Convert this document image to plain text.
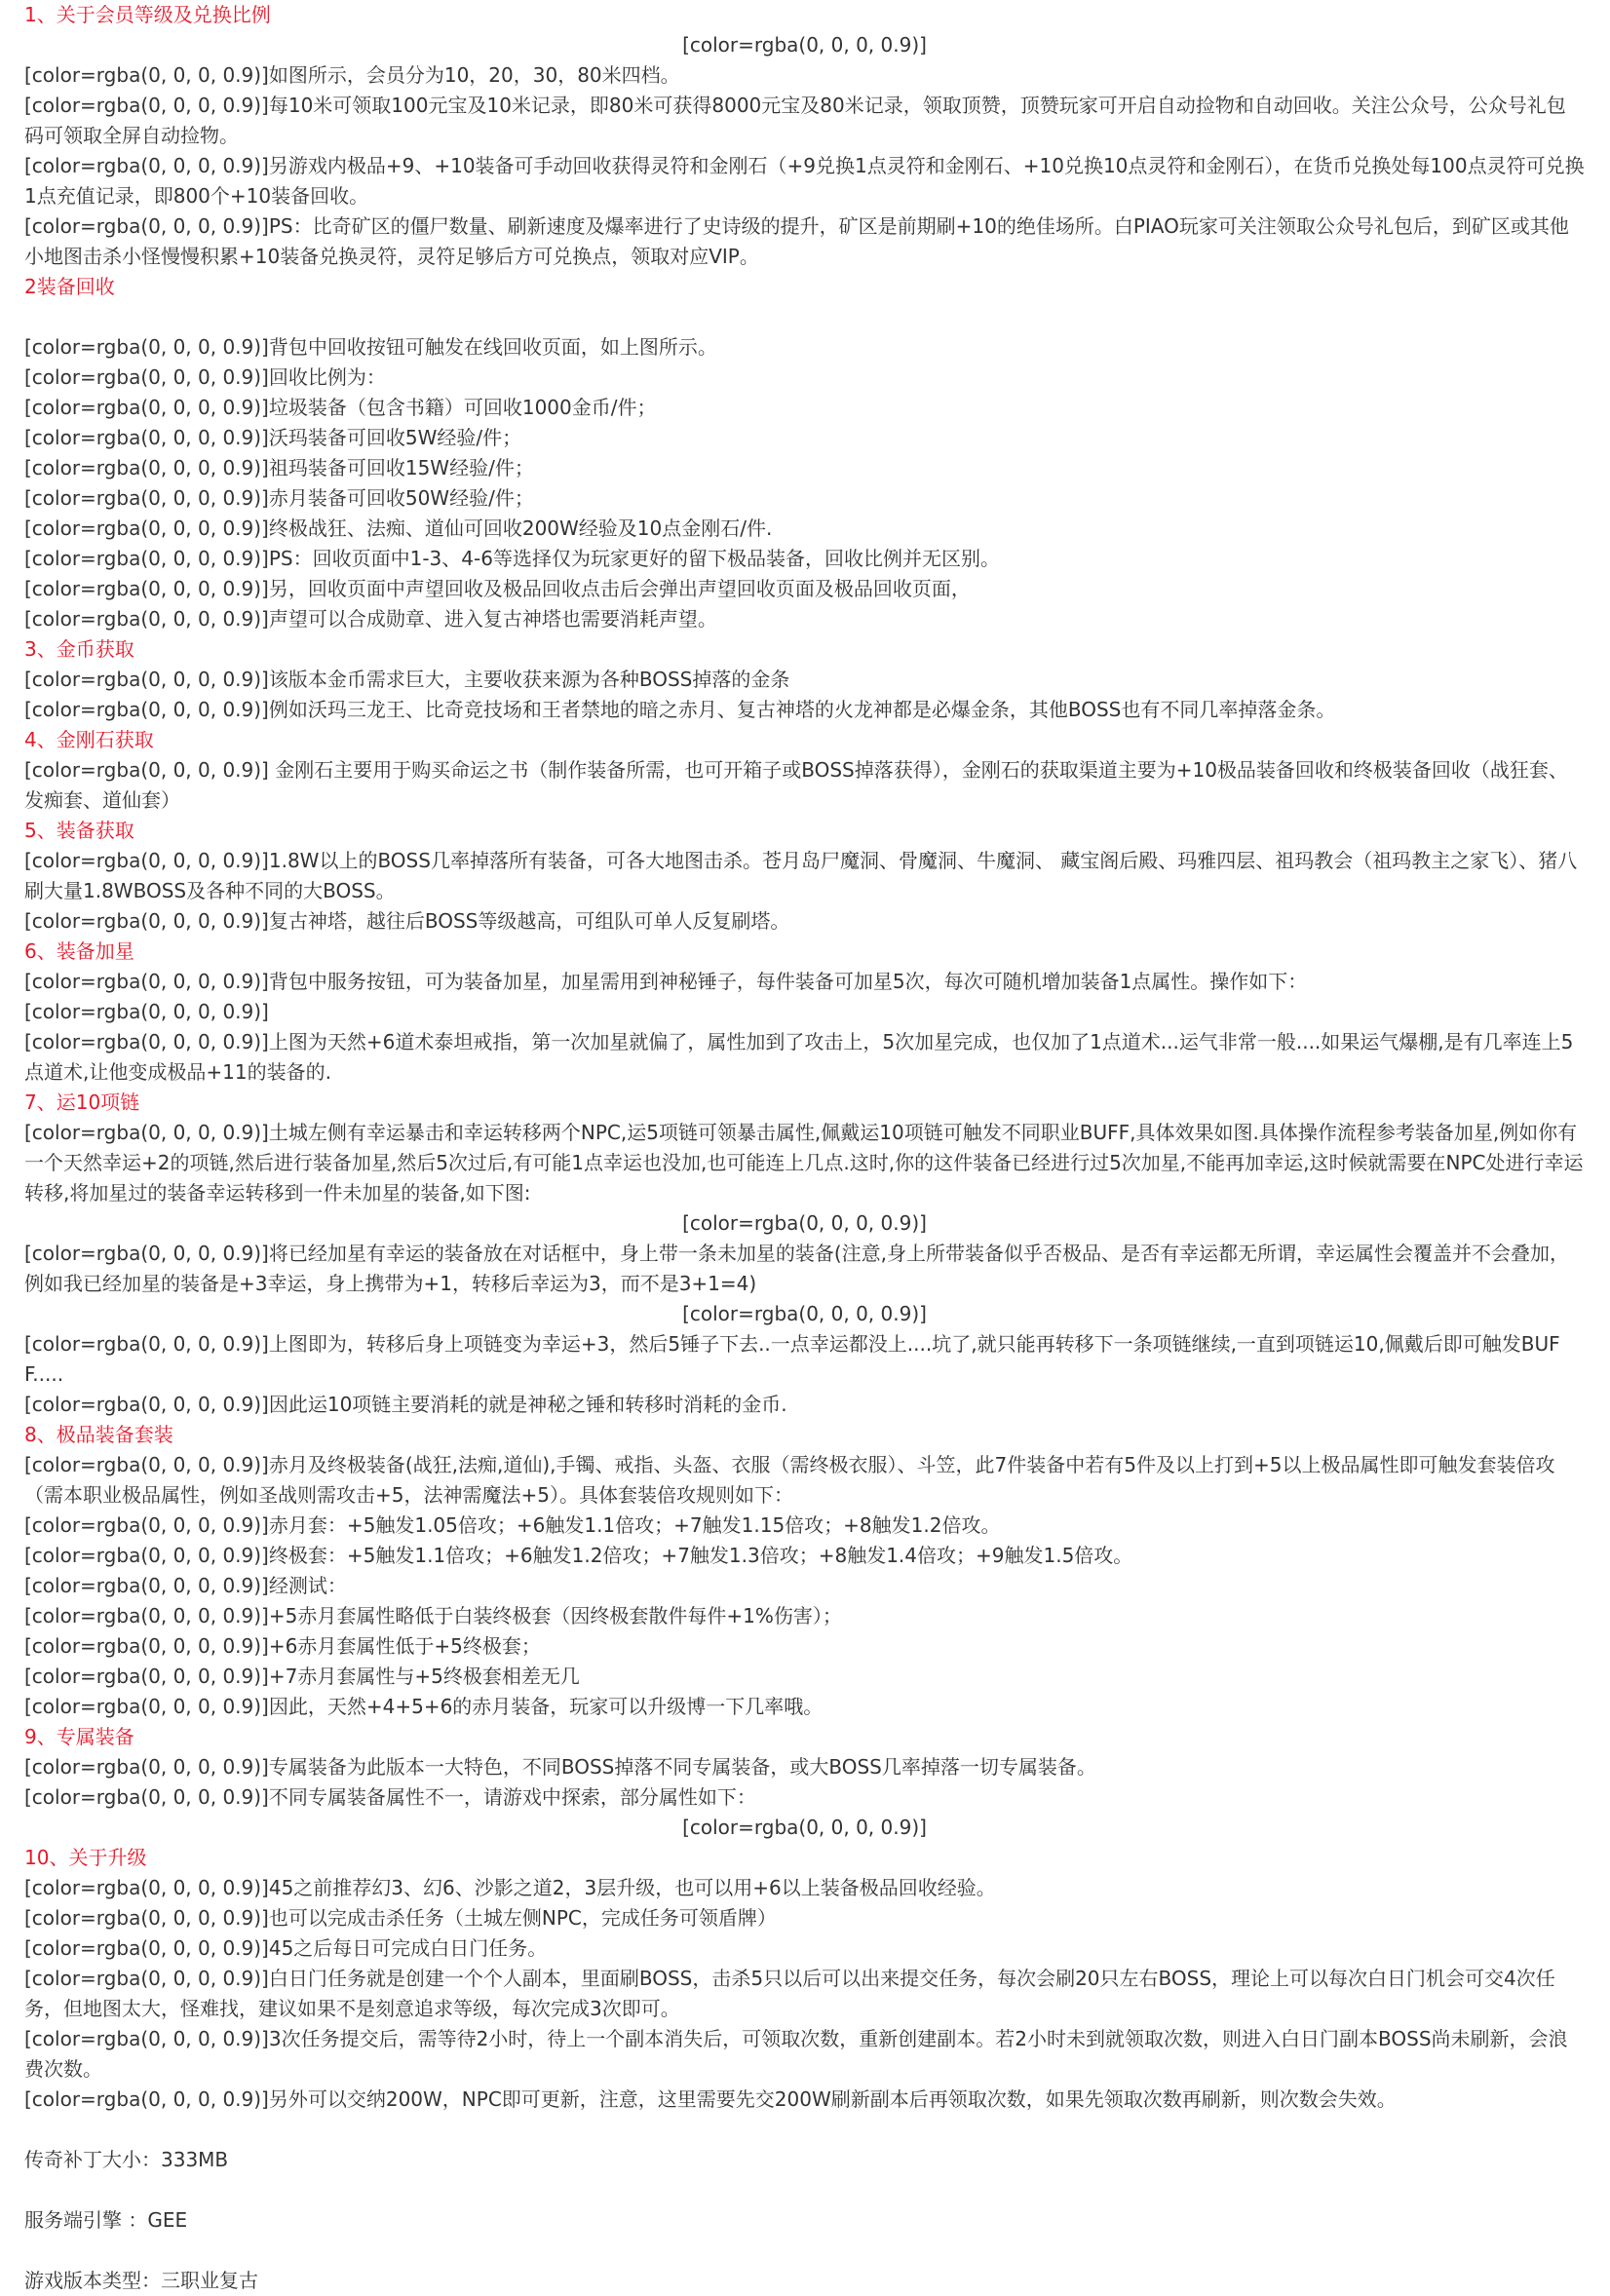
1、关于会员等级及兑换比例
[color=rgba(0, 0, 0, 0.9)]
[color=rgba(0, 0, 0, 0.9)]如图所示，会员分为10，20，30，80米四档。
[color=rgba(0, 0, 0, 0.9)]每10米可领取100元宝及10米记录，即80米可获得8000元宝及80米记录，领取顶赞，顶赞玩家可开启自动捡物和自动回收。关注公众号，公众号礼包码可领取全屏自动捡物。
[color=rgba(0, 0, 0, 0.9)]另游戏内极品+9、+10装备可手动回收获得灵符和金刚石（+9兑换1点灵符和金刚石、+10兑换10点灵符和金刚石），在货币兑换处每100点灵符可兑换1点充值记录，即800个+10装备回收。
[color=rgba(0, 0, 0, 0.9)]PS：比奇矿区的僵尸数量、刷新速度及爆率进行了史诗级的提升，矿区是前期刷+10的绝佳场所。白PIAO玩家可关注领取公众号礼包后，到矿区或其他小地图击杀小怪慢慢积累+10装备兑换灵符，灵符足够后方可兑换点，领取对应VIP。
2装备回收
[color=rgba(0, 0, 0, 0.9)]背包中回收按钮可触发在线回收页面，如上图所示。
[color=rgba(0, 0, 0, 0.9)]回收比例为：
[color=rgba(0, 0, 0, 0.9)]垃圾装备（包含书籍）可回收1000金币/件；
[color=rgba(0, 0, 0, 0.9)]沃玛装备可回收5W经验/件；
[color=rgba(0, 0, 0, 0.9)]祖玛装备可回收15W经验/件；
[color=rgba(0, 0, 0, 0.9)]赤月装备可回收50W经验/件；
[color=rgba(0, 0, 0, 0.9)]终极战狂、法痴、道仙可回收200W经验及10点金刚石/件.
[color=rgba(0, 0, 0, 0.9)]PS：回收页面中1-3、4-6等选择仅为玩家更好的留下极品装备，回收比例并无区别。
[color=rgba(0, 0, 0, 0.9)]另，回收页面中声望回收及极品回收点击后会弹出声望回收页面及极品回收页面，
[color=rgba(0, 0, 0, 0.9)]声望可以合成勋章、进入复古神塔也需要消耗声望。
3、金币获取
[color=rgba(0, 0, 0, 0.9)]该版本金币需求巨大，主要收获来源为各种BOSS掉落的金条
[color=rgba(0, 0, 0, 0.9)]例如沃玛三龙王、比奇竞技场和王者禁地的暗之赤月、复古神塔的火龙神都是必爆金条，其他BOSS也有不同几率掉落金条。
4、金刚石获取
[color=rgba(0, 0, 0, 0.9)] 金刚石主要用于购买命运之书（制作装备所需，也可开箱子或BOSS掉落获得），金刚石的获取渠道主要为+10极品装备回收和终极装备回收（战狂套、发痴套、道仙套）
5、装备获取
[color=rgba(0, 0, 0, 0.9)]1.8W以上的BOSS几率掉落所有装备，可各大地图击杀。苍月岛尸魔洞、骨魔洞、牛魔洞、 藏宝阁后殿、玛雅四层、祖玛教会（祖玛教主之家飞）、猪八刷大量1.8WBOSS及各种不同的大BOSS。
[color=rgba(0, 0, 0, 0.9)]复古神塔，越往后BOSS等级越高，可组队可单人反复刷塔。
6、装备加星
[color=rgba(0, 0, 0, 0.9)]背包中服务按钮，可为装备加星，加星需用到神秘锤子，每件装备可加星5次，每次可随机增加装备1点属性。操作如下：
[color=rgba(0, 0, 0, 0.9)]
[color=rgba(0, 0, 0, 0.9)]上图为天然+6道术泰坦戒指，第一次加星就偏了，属性加到了攻击上，5次加星完成，也仅加了1点道术...运气非常一般....如果运气爆棚,是有几率连上5点道术,让他变成极品+11的装备的.
7、运10项链
[color=rgba(0, 0, 0, 0.9)]土城左侧有幸运暴击和幸运转移两个NPC,运5项链可领暴击属性,佩戴运10项链可触发不同职业BUFF,具体效果如图.具体操作流程参考装备加星,例如你有一个天然幸运+2的项链,然后进行装备加星,然后5次过后,有可能1点幸运也没加,也可能连上几点.这时,你的这件装备已经进行过5次加星,不能再加幸运,这时候就需要在NPC处进行幸运转移,将加星过的装备幸运转移到一件未加星的装备,如下图:
[color=rgba(0, 0, 0, 0.9)]
[color=rgba(0, 0, 0, 0.9)]将已经加星有幸运的装备放在对话框中，身上带一条未加星的装备(注意,身上所带装备似乎否极品、是否有幸运都无所谓，幸运属性会覆盖并不会叠加，例如我已经加星的装备是+3幸运，身上携带为+1，转移后幸运为3，而不是3+1=4)
[color=rgba(0, 0, 0, 0.9)]
[color=rgba(0, 0, 0, 0.9)]上图即为，转移后身上项链变为幸运+3，然后5锤子下去..一点幸运都没上....坑了,就只能再转移下一条项链继续,一直到项链运10,佩戴后即可触发BUFF.....
[color=rgba(0, 0, 0, 0.9)]因此运10项链主要消耗的就是神秘之锤和转移时消耗的金币.
8、极品装备套装
[color=rgba(0, 0, 0, 0.9)]赤月及终极装备(战狂,法痴,道仙),手镯、戒指、头盔、衣服（需终极衣服）、斗笠，此7件装备中若有5件及以上打到+5以上极品属性即可触发套装倍攻（需本职业极品属性，例如圣战则需攻击+5，法神需魔法+5）。具体套装倍攻规则如下：
[color=rgba(0, 0, 0, 0.9)]赤月套：+5触发1.05倍攻；+6触发1.1倍攻；+7触发1.15倍攻；+8触发1.2倍攻。
[color=rgba(0, 0, 0, 0.9)]终极套：+5触发1.1倍攻；+6触发1.2倍攻；+7触发1.3倍攻；+8触发1.4倍攻；+9触发1.5倍攻。
[color=rgba(0, 0, 0, 0.9)]经测试：
[color=rgba(0, 0, 0, 0.9)]+5赤月套属性略低于白装终极套（因终极套散件每件+1%伤害）；
[color=rgba(0, 0, 0, 0.9)]+6赤月套属性低于+5终极套；
[color=rgba(0, 0, 0, 0.9)]+7赤月套属性与+5终极套相差无几
[color=rgba(0, 0, 0, 0.9)]因此，天然+4+5+6的赤月装备，玩家可以升级博一下几率哦。
9、专属装备
[color=rgba(0, 0, 0, 0.9)]专属装备为此版本一大特色，不同BOSS掉落不同专属装备，或大BOSS几率掉落一切专属装备。
[color=rgba(0, 0, 0, 0.9)]不同专属装备属性不一，请游戏中探索，部分属性如下：
[color=rgba(0, 0, 0, 0.9)]
10、关于升级
[color=rgba(0, 0, 0, 0.9)]45之前推荐幻3、幻6、沙影之道2，3层升级，也可以用+6以上装备极品回收经验。
[color=rgba(0, 0, 0, 0.9)]也可以完成击杀任务（土城左侧NPC，完成任务可领盾牌）
[color=rgba(0, 0, 0, 0.9)]45之后每日可完成白日门任务。
[color=rgba(0, 0, 0, 0.9)]白日门任务就是创建一个个人副本，里面刷BOSS，击杀5只以后可以出来提交任务，每次会刷20只左右BOSS，理论上可以每次白日门机会可交4次任务，但地图太大，怪难找，建议如果不是刻意追求等级，每次完成3次即可。
[color=rgba(0, 0, 0, 0.9)]3次任务提交后，需等待2小时，待上一个副本消失后，可领取次数，重新创建副本。若2小时未到就领取次数，则进入白日门副本BOSS尚未刷新，会浪费次数。
[color=rgba(0, 0, 0, 0.9)]另外可以交纳200W，NPC即可更新，注意，这里需要先交200W刷新副本后再领取次数，如果先领取次数再刷新，则次数会失效。
传奇补丁大小：333MB
服务端引擎 ：GEE
游戏版本类型：三职业复古
